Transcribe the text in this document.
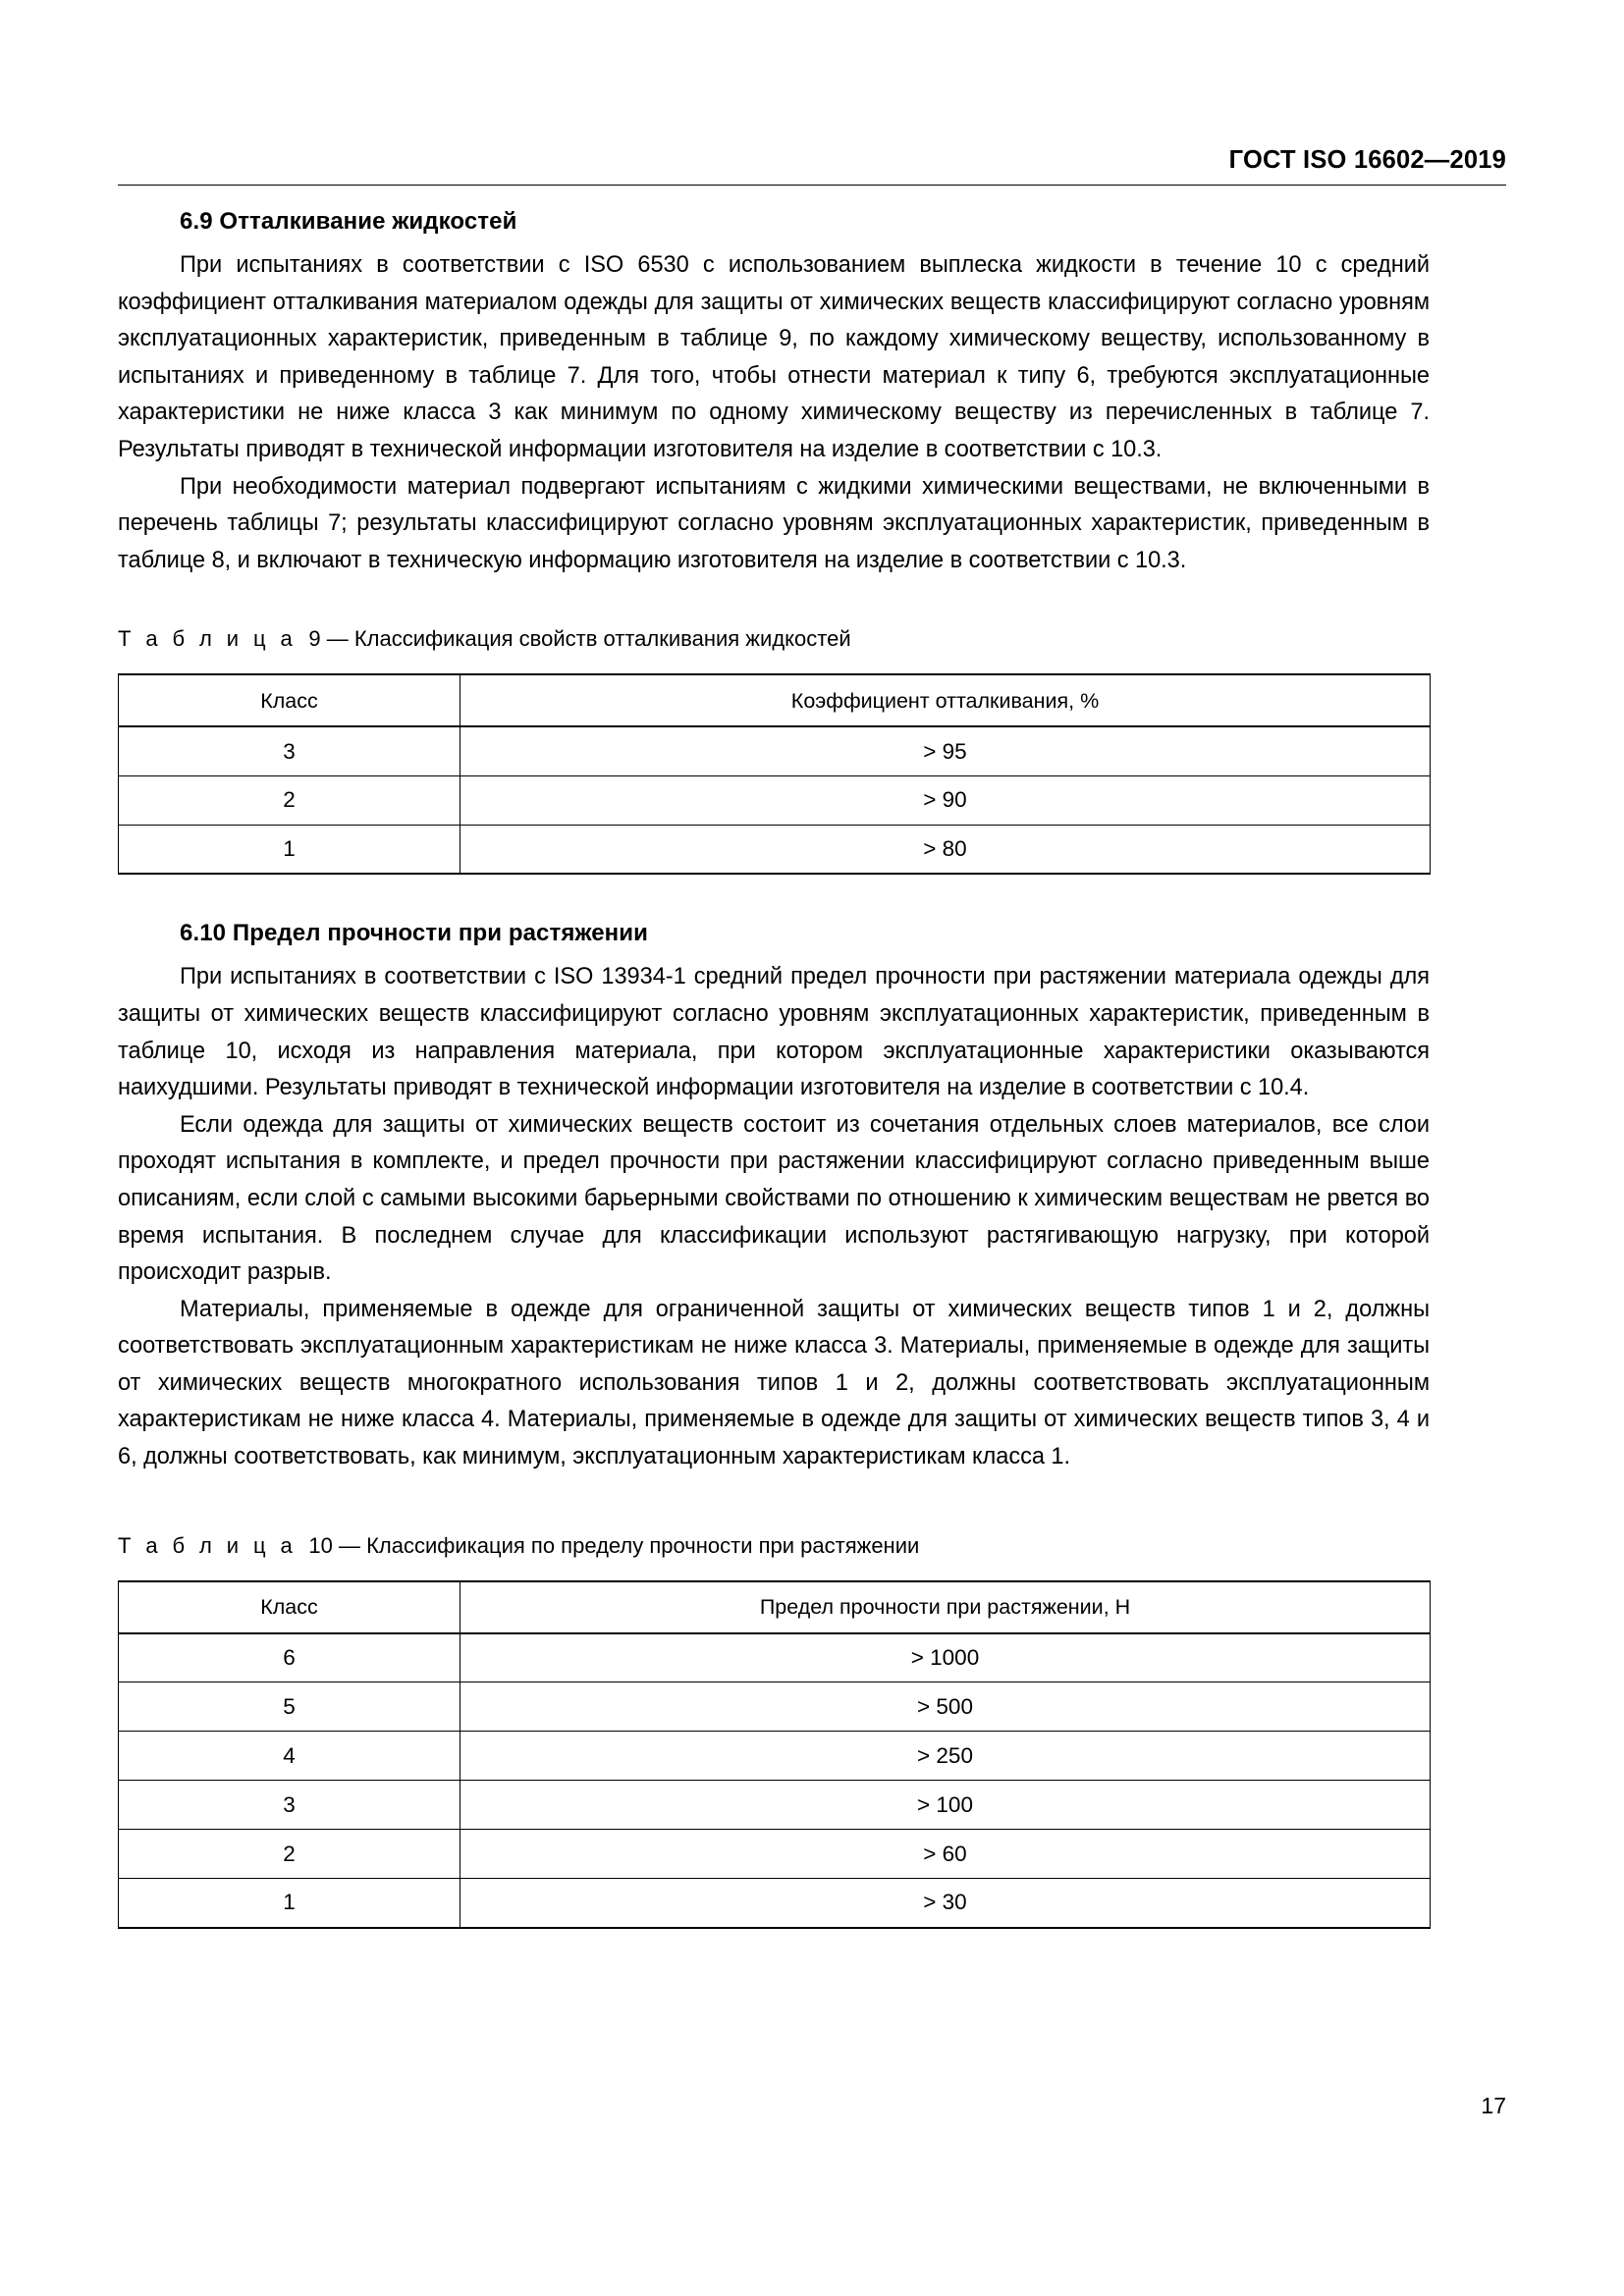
ГОСТ ISO 16602—2019
6.9 Отталкивание жидкостей

При испытаниях в соответствии с ISO 6530 с использованием выплеска жидкости в течение 10 с средний коэффициент отталкивания материалом одежды для защиты от химических веществ классифицируют согласно уровням эксплуатационных характеристик, приведенным в таблице 9, по каждому химическому веществу, использованному в испытаниях и приведенному в таблице 7. Для того, чтобы отнести материал к типу 6, требуются эксплуатационные характеристики не ниже класса 3 как минимум по одному химическому веществу из перечисленных в таблице 7. Результаты приводят в технической информации изготовителя на изделие в соответствии с 10.3.

При необходимости материал подвергают испытаниям с жидкими химическими веществами, не включенными в перечень таблицы 7; результаты классифицируют согласно уровням эксплуатационных характеристик, приведенным в таблице 8, и включают в техническую информацию изготовителя на изделие в соответствии с 10.3.

Т а б л и ц а 9 — Классификация свойств отталкивания жидкостей

Класс	Коэффициент отталкивания, %
3	> 95
2	> 90
1	> 80
6.10 Предел прочности при растяжении

При испытаниях в соответствии с ISO 13934-1 средний предел прочности при растяжении материала одежды для защиты от химических веществ классифицируют согласно уровням эксплуатационных характеристик, приведенным в таблице 10, исходя из направления материала, при котором эксплуатационные характеристики оказываются наихудшими. Результаты приводят в технической информации изготовителя на изделие в соответствии с 10.4.

Если одежда для защиты от химических веществ состоит из сочетания отдельных слоев материалов, все слои проходят испытания в комплекте, и предел прочности при растяжении классифицируют согласно приведенным выше описаниям, если слой с самыми высокими барьерными свойствами по отношению к химическим веществам не рвется во время испытания. В последнем случае для классификации используют растягивающую нагрузку, при которой происходит разрыв.

Материалы, применяемые в одежде для ограниченной защиты от химических веществ типов 1 и 2, должны соответствовать эксплуатационным характеристикам не ниже класса 3. Материалы, применяемые в одежде для защиты от химических веществ многократного использования типов 1 и 2, должны соответствовать эксплуатационным характеристикам не ниже класса 4. Материалы, применяемые в одежде для защиты от химических веществ типов 3, 4 и 6, должны соответствовать, как минимум, эксплуатационным характеристикам класса 1.

Т а б л и ц а 10 — Классификация по пределу прочности при растяжении

Класс	Предел прочности при растяжении, Н
6	> 1000
5	> 500
4	> 250
3	> 100
2	> 60
1	> 30
17
